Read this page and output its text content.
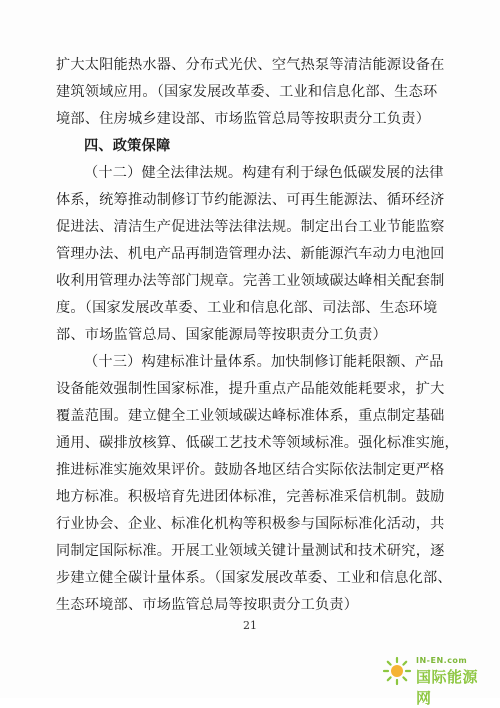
扩大太阳能热水器、分布式光伏、空气热泵等清洁能源设备在
建筑领域应用。（国家发展改革委、工业和信息化部、生态环
境部、住房城乡建设部、市场监管总局等按职责分工负责）
四、政策保障
（十二）健全法律法规。构建有利于绿色低碳发展的法律
体系，统筹推动制修订节约能源法、可再生能源法、循环经济
促进法、清洁生产促进法等法律法规。制定出台工业节能监察
管理办法、机电产品再制造管理办法、新能源汽车动力电池回
收利用管理办法等部门规章。完善工业领域碳达峰相关配套制
度。（国家发展改革委、工业和信息化部、司法部、生态环境
部、市场监管总局、国家能源局等按职责分工负责）
（十三）构建标准计量体系。加快制修订能耗限额、产品
设备能效强制性国家标准，提升重点产品能效能耗要求，扩大
覆盖范围。建立健全工业领域碳达峰标准体系，重点制定基础
通用、碳排放核算、低碳工艺技术等领域标准。强化标准实施，
推进标准实施效果评价。鼓励各地区结合实际依法制定更严格
地方标准。积极培育先进团体标准，完善标准采信机制。鼓励
行业协会、企业、标准化机构等积极参与国际标准化活动，共
同制定国际标准。开展工业领域关键计量测试和技术研究，逐
步建立健全碳计量体系。（国家发展改革委、工业和信息化部、
生态环境部、市场监管总局等按职责分工负责）
21
IN-EN.com
国际能源网
